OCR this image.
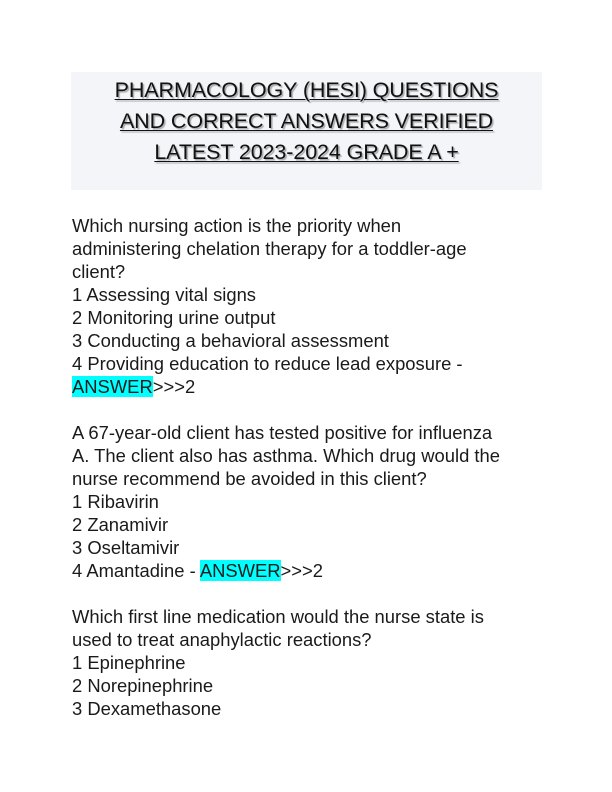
PHARMACOLOGY (HESI) QUESTIONS
AND CORRECT ANSWERS VERIFIED
LATEST 2023-2024 GRADE A +

Which nursing action is the priority when

administering chelation therapy for a toddler-age

client?

1 Assessing vital signs

2 Monitoring urine output

3 Conducting a behavioral assessment

4 Providing education to reduce lead exposure -

ANSWER>>>2

A 67-year-old client has tested positive for influenza

A. The client also has asthma. Which drug would the

nurse recommend be avoided in this client?

1 Ribavirin

2 Zanamivir

3 Oseltamivir

4 Amantadine - ANSWER>>>2

Which first line medication would the nurse state is

used to treat anaphylactic reactions?

1 Epinephrine

2 Norepinephrine

3 Dexamethasone
